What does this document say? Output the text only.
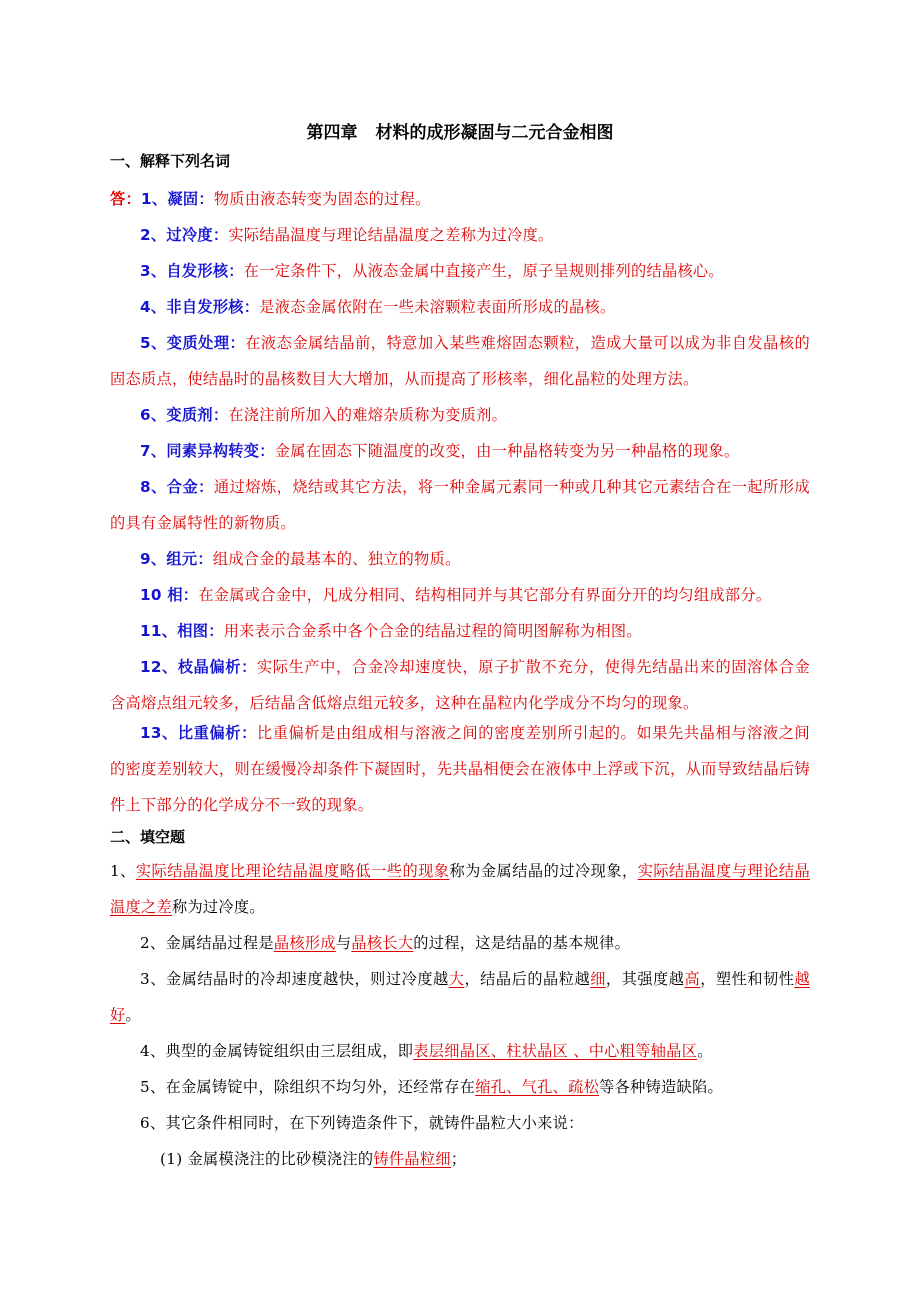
第四章 材料的成形凝固与二元合金相图
一、解释下列名词
答：1、凝固：物质由液态转变为固态的过程。
2、过冷度：实际结晶温度与理论结晶温度之差称为过冷度。
3、自发形核：在一定条件下，从液态金属中直接产生，原子呈规则排列的结晶核心。
4、非自发形核：是液态金属依附在一些未溶颗粒表面所形成的晶核。
5、变质处理：在液态金属结晶前，特意加入某些难熔固态颗粒，造成大量可以成为非自发晶核的固态质点，使结晶时的晶核数目大大增加，从而提高了形核率，细化晶粒的处理方法。
6、变质剂：在浇注前所加入的难熔杂质称为变质剂。
7、同素异构转变：金属在固态下随温度的改变，由一种晶格转变为另一种晶格的现象。
8、合金：通过熔炼，烧结或其它方法，将一种金属元素同一种或几种其它元素结合在一起所形成的具有金属特性的新物质。
9、组元：组成合金的最基本的、独立的物质。
10 相：在金属或合金中，凡成分相同、结构相同并与其它部分有界面分开的均匀组成部分。
11、相图：用来表示合金系中各个合金的结晶过程的简明图解称为相图。
12、枝晶偏析：实际生产中，合金冷却速度快，原子扩散不充分，使得先结晶出来的固溶体合金含高熔点组元较多，后结晶含低熔点组元较多，这种在晶粒内化学成分不均匀的现象。
13、比重偏析：比重偏析是由组成相与溶液之间的密度差别所引起的。如果先共晶相与溶液之间的密度差别较大，则在缓慢冷却条件下凝固时，先共晶相便会在液体中上浮或下沉，从而导致结晶后铸件上下部分的化学成分不一致的现象。
二、填空题
1、实际结晶温度比理论结晶温度略低一些的现象称为金属结晶的过冷现象，实际结晶温度与理论结晶温度之差称为过冷度。
2、金属结晶过程是晶核形成与晶核长大的过程，这是结晶的基本规律。
3、金属结晶时的冷却速度越快，则过冷度越大，结晶后的晶粒越细，其强度越高，塑性和韧性越好。
4、典型的金属铸锭组织由三层组成，即表层细晶区、柱状晶区 、中心粗等轴晶区。
5、在金属铸锭中，除组织不均匀外，还经常存在缩孔、气孔、疏松等各种铸造缺陷。
6、其它条件相同时，在下列铸造条件下，就铸件晶粒大小来说：
(1) 金属模浇注的比砂模浇注的铸件晶粒细；
